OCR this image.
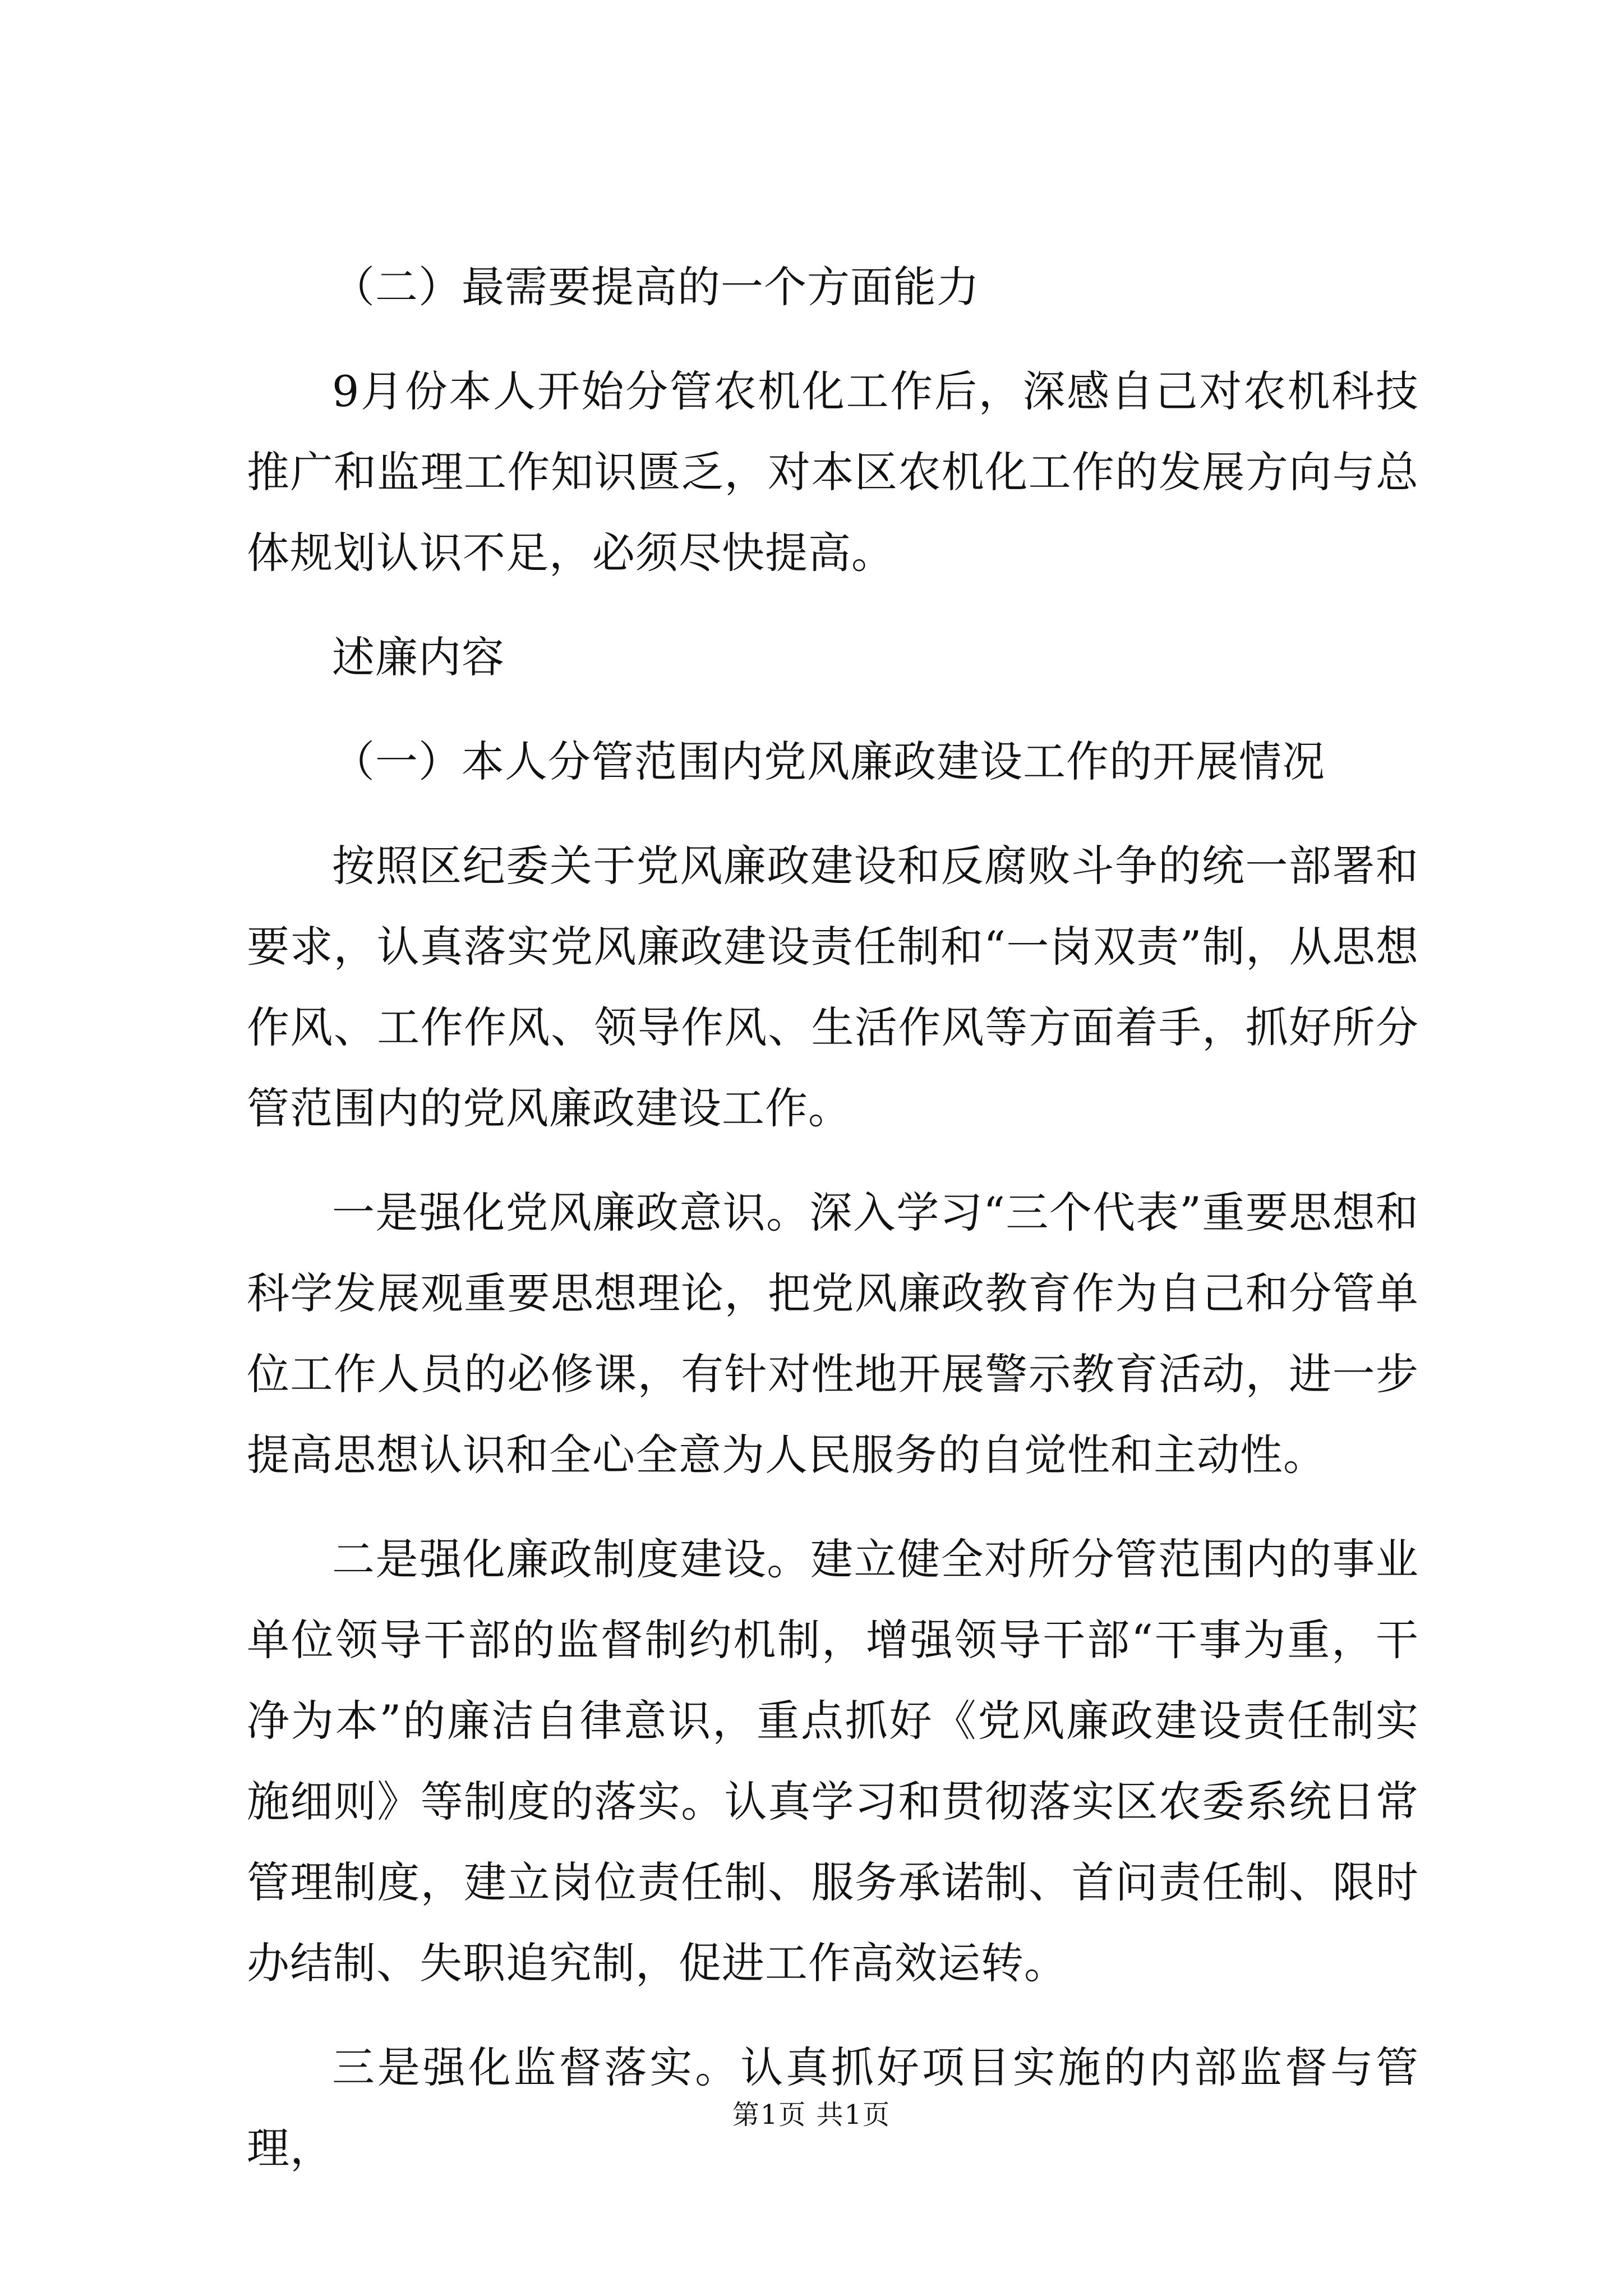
（二）最需要提高的一个方面能力

9月份本人开始分管农机化工作后，深感自己对农机科技推广和监理工作知识匮乏，对本区农机化工作的发展方向与总体规划认识不足，必须尽快提高。

述廉内容

（一）本人分管范围内党风廉政建设工作的开展情况

按照区纪委关于党风廉政建设和反腐败斗争的统一部署和要求，认真落实党风廉政建设责任制和“一岗双责”制，从思想作风、工作作风、领导作风、生活作风等方面着手，抓好所分管范围内的党风廉政建设工作。

一是强化党风廉政意识。深入学习“三个代表”重要思想和科学发展观重要思想理论，把党风廉政教育作为自己和分管单位工作人员的必修课，有针对性地开展警示教育活动，进一步提高思想认识和全心全意为人民服务的自觉性和主动性。

二是强化廉政制度建设。建立健全对所分管范围内的事业单位领导干部的监督制约机制，增强领导干部“干事为重，干净为本”的廉洁自律意识，重点抓好《党风廉政建设责任制实施细则》等制度的落实。认真学习和贯彻落实区农委系统日常管理制度，建立岗位责任制、服务承诺制、首问责任制、限时办结制、失职追究制，促进工作高效运转。

三是强化监督落实。认真抓好项目实施的内部监督与管理，

第1页 共1页
